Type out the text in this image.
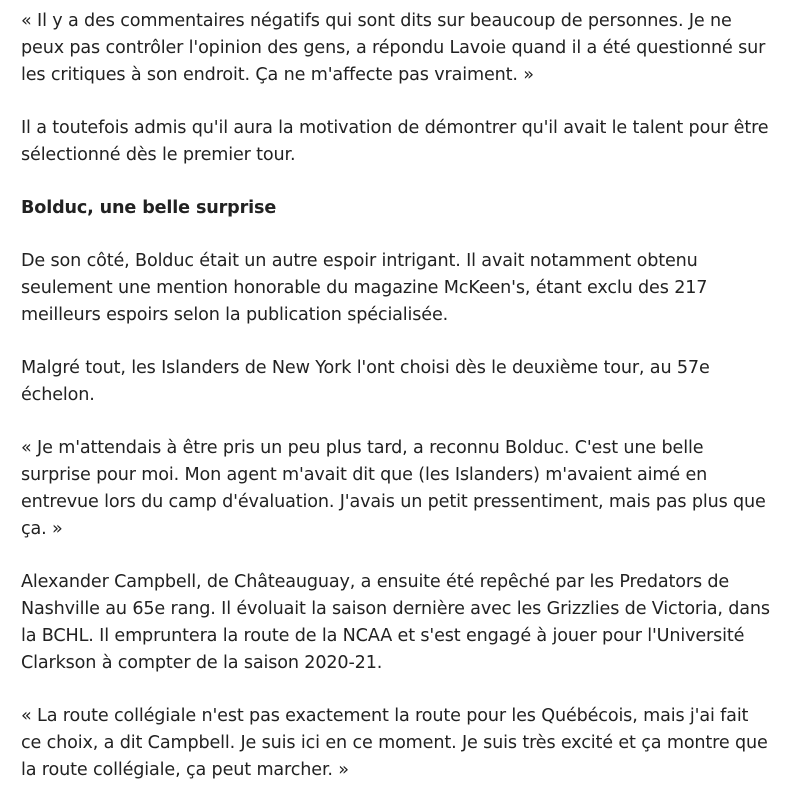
« Il y a des commentaires négatifs qui sont dits sur beaucoup de personnes. Je ne peux pas contrôler l'opinion des gens, a répondu Lavoie quand il a été questionné sur les critiques à son endroit. Ça ne m'affecte pas vraiment. »

Il a toutefois admis qu'il aura la motivation de démontrer qu'il avait le talent pour être sélectionné dès le premier tour.

Bolduc, une belle surprise

De son côté, Bolduc était un autre espoir intrigant. Il avait notamment obtenu seulement une mention honorable du magazine McKeen's, étant exclu des 217 meilleurs espoirs selon la publication spécialisée.

Malgré tout, les Islanders de New York l'ont choisi dès le deuxième tour, au 57e échelon.

« Je m'attendais à être pris un peu plus tard, a reconnu Bolduc. C'est une belle surprise pour moi. Mon agent m'avait dit que (les Islanders) m'avaient aimé en entrevue lors du camp d'évaluation. J'avais un petit pressentiment, mais pas plus que ça. »

Alexander Campbell, de Châteauguay, a ensuite été repêché par les Predators de Nashville au 65e rang. Il évoluait la saison dernière avec les Grizzlies de Victoria, dans la BCHL. Il empruntera la route de la NCAA et s'est engagé à jouer pour l'Université Clarkson à compter de la saison 2020-21.

« La route collégiale n'est pas exactement la route pour les Québécois, mais j'ai fait ce choix, a dit Campbell. Je suis ici en ce moment. Je suis très excité et ça montre que la route collégiale, ça peut marcher. »
